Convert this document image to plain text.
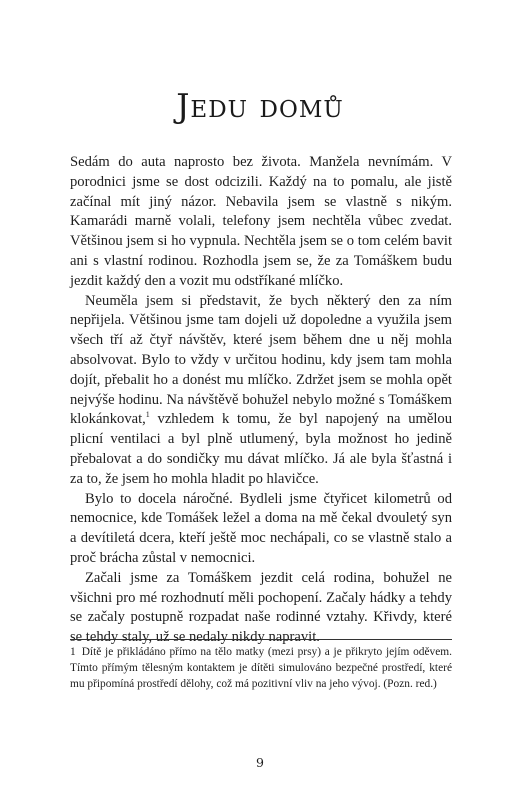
Jedu domů

Sedám do auta naprosto bez života. Manžela nevnímám. V porodnici jsme se dost odcizili. Každý na to pomalu, ale jistě začínal mít jiný názor. Nebavila jsem se vlastně s nikým. Kamarádi marně volali, telefony jsem nechtěla vůbec zvedat. Většinou jsem si ho vypnula. Nechtěla jsem se o tom celém bavit ani s vlastní rodinou. Rozhodla jsem se, že za Tomáškem budu jezdit každý den a vozit mu odstříkané mlíčko.

Neuměla jsem si představit, že bych některý den za ním nepřijela. Většinou jsme tam dojeli už dopoledne a využila jsem všech tří až čtyř návštěv, které jsem během dne u něj mohla absolvovat. Bylo to vždy v určitou hodinu, kdy jsem tam mohla dojít, přebalit ho a donést mu mlíčko. Zdržet jsem se mohla opět nejvýše hodinu. Na návštěvě bohužel nebylo možné s Tomáškem klokánkovat,$^1$ vzhledem k tomu, že byl napojený na umělou plicní ventilaci a byl plně utlumený, byla možnost ho jedině přebalovat a do sondičky mu dávat mlíčko. Já ale byla šťastná i za to, že jsem ho mohla hladit po hlavičce.

Bylo to docela náročné. Bydleli jsme čtyřicet kilometrů od nemocnice, kde Tomášek ležel a doma na mě čekal dvouletý syn a devítiletá dcera, kteří ještě moc nechápali, co se vlastně stalo a proč brácha zůstal v nemocnici.

Začali jsme za Tomáškem jezdit celá rodina, bohužel ne všichni pro mé rozhodnutí měli pochopení. Začaly hádky a tehdy se začaly postupně rozpadat naše rodinné vztahy. Křivdy, které se tehdy staly, už se nedaly nikdy napravit.

1 Dítě je přikládáno přímo na tělo matky (mezi prsy) a je přikryto jejím oděvem. Tímto přímým tělesným kontaktem je dítěti simulováno bezpečné prostředí, které mu připomíná prostředí dělohy, což má pozitivní vliv na jeho vývoj. (Pozn. red.)
9
